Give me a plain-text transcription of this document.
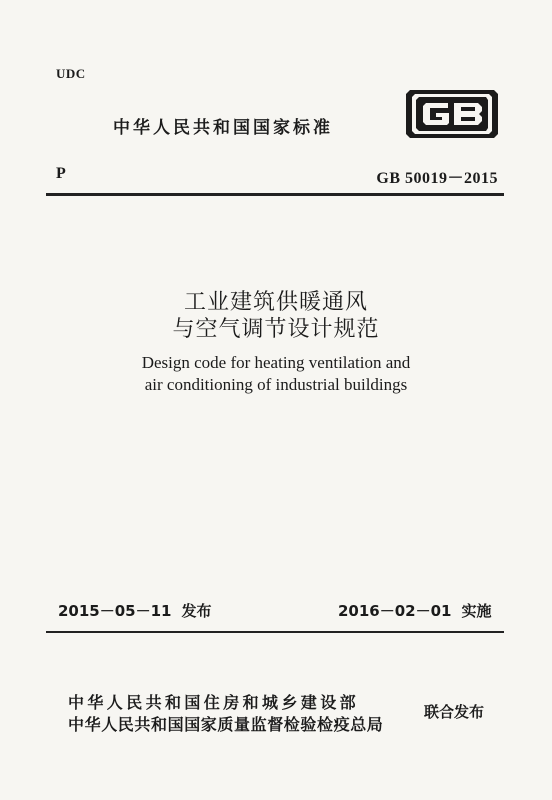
UDC
中华人民共和国国家标准
P	GB 50019－2015
工业建筑供暖通风
与空气调节设计规范
Design code for heating ventilation and
air conditioning of industrial buildings
2015－05－11 发布	2016－02－01 实施
中华人民共和国住房和城乡建设部
中华人民共和国国家质量监督检验检疫总局
联合发布
